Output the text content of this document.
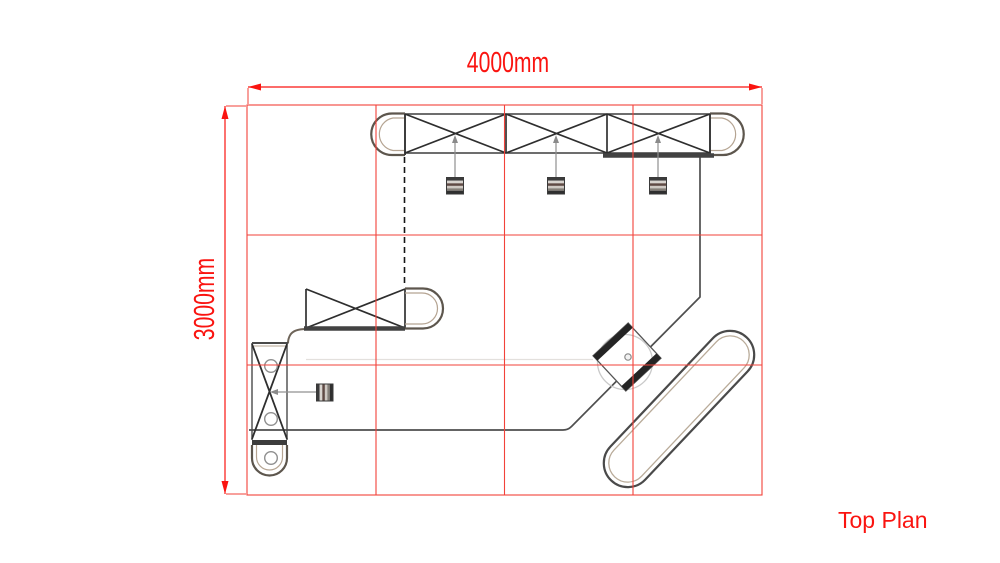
4000mm
3000mm
Top Plan
